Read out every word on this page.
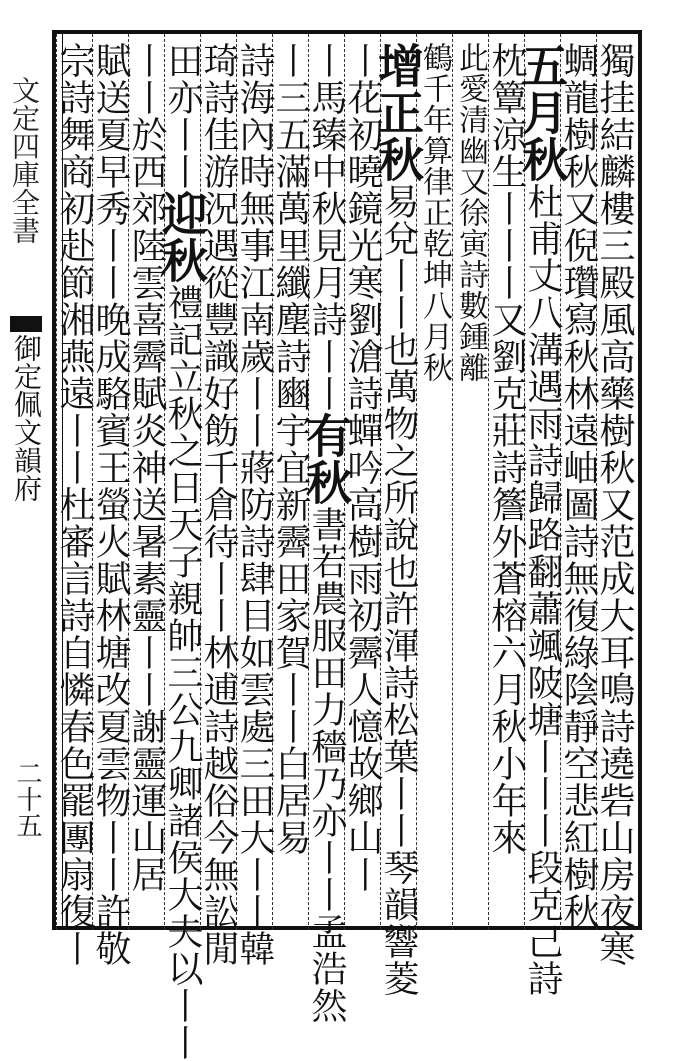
獨挂結麟樓三殿風高藥樹秋又范成大耳鳴詩遶砦山房夜寒
蜩龍樹秋又倪瓚寫秋林遠岫圖詩無復綠陰靜空悲紅樹秋
五月秋杜甫丈八溝遇雨詩歸路翻蕭颯陂塘丨丨丨段克己詩
枕簟涼生丨丨丨又劉克莊詩簷外蒼榕六月秋小年來
此愛清幽又徐寅詩數鍾離
鶴千年算律正乾坤八月秋
增正秋易兌丨丨也萬物之所說也許渾詩松葉丨丨琴韻響菱
丨花初曉鏡光寒劉滄詩蟬吟高樹雨初霽人憶故鄉山丨
丨馬臻中秋見月詩丨丨有秋書若農服田力穡乃亦丨丨孟浩然
丨三五滿萬里纖塵詩豳宇宜新霽田家賀丨丨白居易
詩海內時無事江南歲丨丨蔣防詩肆目如雲處三田大丨丨韓
琦詩佳游況遇從豐識好飭千倉待丨丨林逋詩越俗今無訟閒
田亦丨丨迎秋禮記立秋之日天子親帥三公九卿諸侯大夫以丨丨
丨丨於西郊陸雲喜霽賦炎神送暑素靈丨丨謝靈運山居
賦送夏早秀丨丨晚成駱賓王螢火賦林塘改夏雲物丨丨許敬
宗詩舞商初赴節湘燕遠丨丨杜審言詩自憐春色罷團扇復丨
文定四庫全書
御定佩文韻府
二十五
